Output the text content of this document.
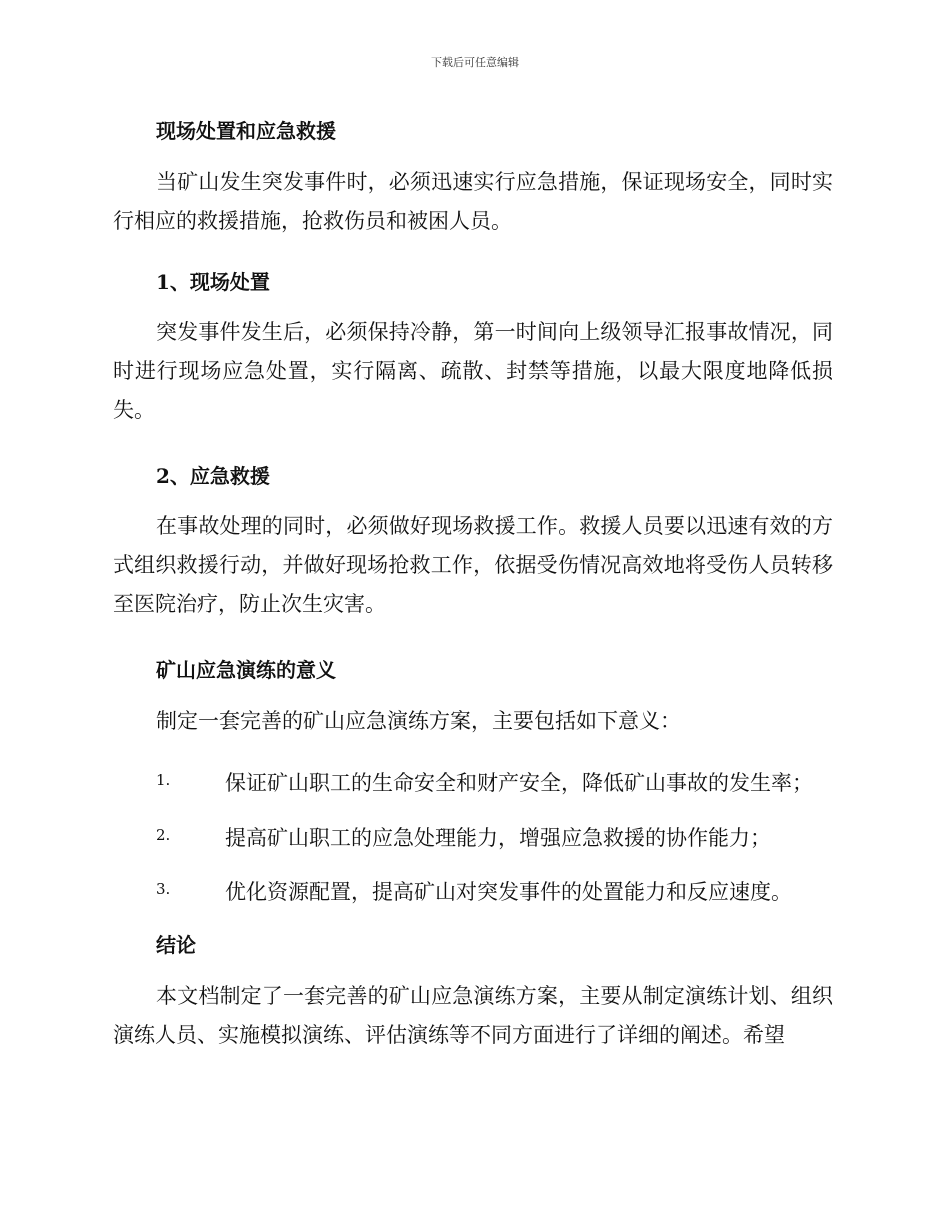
下载后可任意编辑
现场处置和应急救援
当矿山发生突发事件时，必须迅速实行应急措施，保证现场安全，同时实行相应的救援措施，抢救伤员和被困人员。
1、现场处置
突发事件发生后，必须保持冷静，第一时间向上级领导汇报事故情况，同时进行现场应急处置，实行隔离、疏散、封禁等措施，以最大限度地降低损失。
2、应急救援
在事故处理的同时，必须做好现场救援工作。救援人员要以迅速有效的方式组织救援行动，并做好现场抢救工作，依据受伤情况高效地将受伤人员转移至医院治疗，防止次生灾害。
矿山应急演练的意义
制定一套完善的矿山应急演练方案，主要包括如下意义：
1.	保证矿山职工的生命安全和财产安全，降低矿山事故的发生率；
2.	提高矿山职工的应急处理能力，增强应急救援的协作能力；
3.	优化资源配置，提高矿山对突发事件的处置能力和反应速度。
结论
本文档制定了一套完善的矿山应急演练方案，主要从制定演练计划、组织演练人员、实施模拟演练、评估演练等不同方面进行了详细的阐述。希望
